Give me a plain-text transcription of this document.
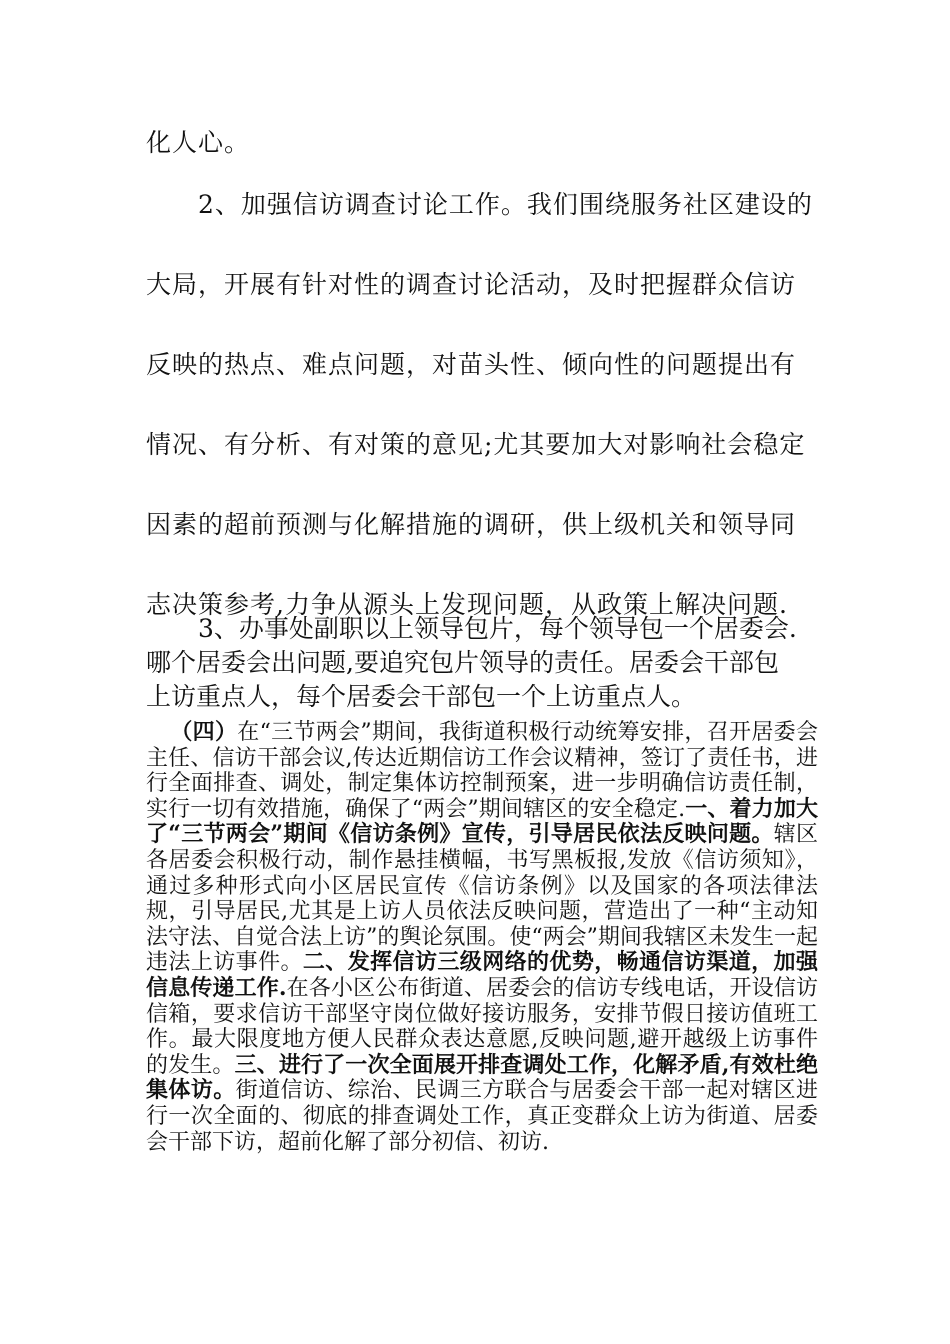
化人心。

2、加强信访调查讨论工作。我们围绕服务社区建设的

大局，开展有针对性的调查讨论活动，及时把握群众信访

反映的热点、难点问题，对苗头性、倾向性的问题提出有

情况、有分析、有对策的意见;尤其要加大对影响社会稳定

因素的超前预测与化解措施的调研，供上级机关和领导同

志决策参考,力争从源头上发现问题，从政策上解决问题.

3、办事处副职以上领导包片，每个领导包一个居委会.

哪个居委会出问题,要追究包片领导的责任。居委会干部包

上访重点人，每个居委会干部包一个上访重点人。

（四）在“三节两会”期间，我街道积极行动统筹安排，召开居委会主任、信访干部会议,传达近期信访工作会议精神，签订了责任书，进行全面排查、调处，制定集体访控制预案，进一步明确信访责任制，实行一切有效措施，确保了“两会”期间辖区的安全稳定.一、着力加大了“三节两会”期间《信访条例》宣传，引导居民依法反映问题。辖区各居委会积极行动，制作悬挂横幅，书写黑板报,发放《信访须知》，通过多种形式向小区居民宣传《信访条例》以及国家的各项法律法规，引导居民,尤其是上访人员依法反映问题，营造出了一种“主动知法守法、自觉合法上访”的舆论氛围。使“两会”期间我辖区未发生一起违法上访事件。二、发挥信访三级网络的优势，畅通信访渠道，加强信息传递工作.在各小区公布街道、居委会的信访专线电话，开设信访信箱，要求信访干部坚守岗位做好接访服务，安排节假日接访值班工作。最大限度地方便人民群众表达意愿,反映问题,避开越级上访事件的发生。三、进行了一次全面展开排查调处工作，化解矛盾,有效杜绝集体访。街道信访、综治、民调三方联合与居委会干部一起对辖区进行一次全面的、彻底的排查调处工作，真正变群众上访为街道、居委会干部下访，超前化解了部分初信、初访.
